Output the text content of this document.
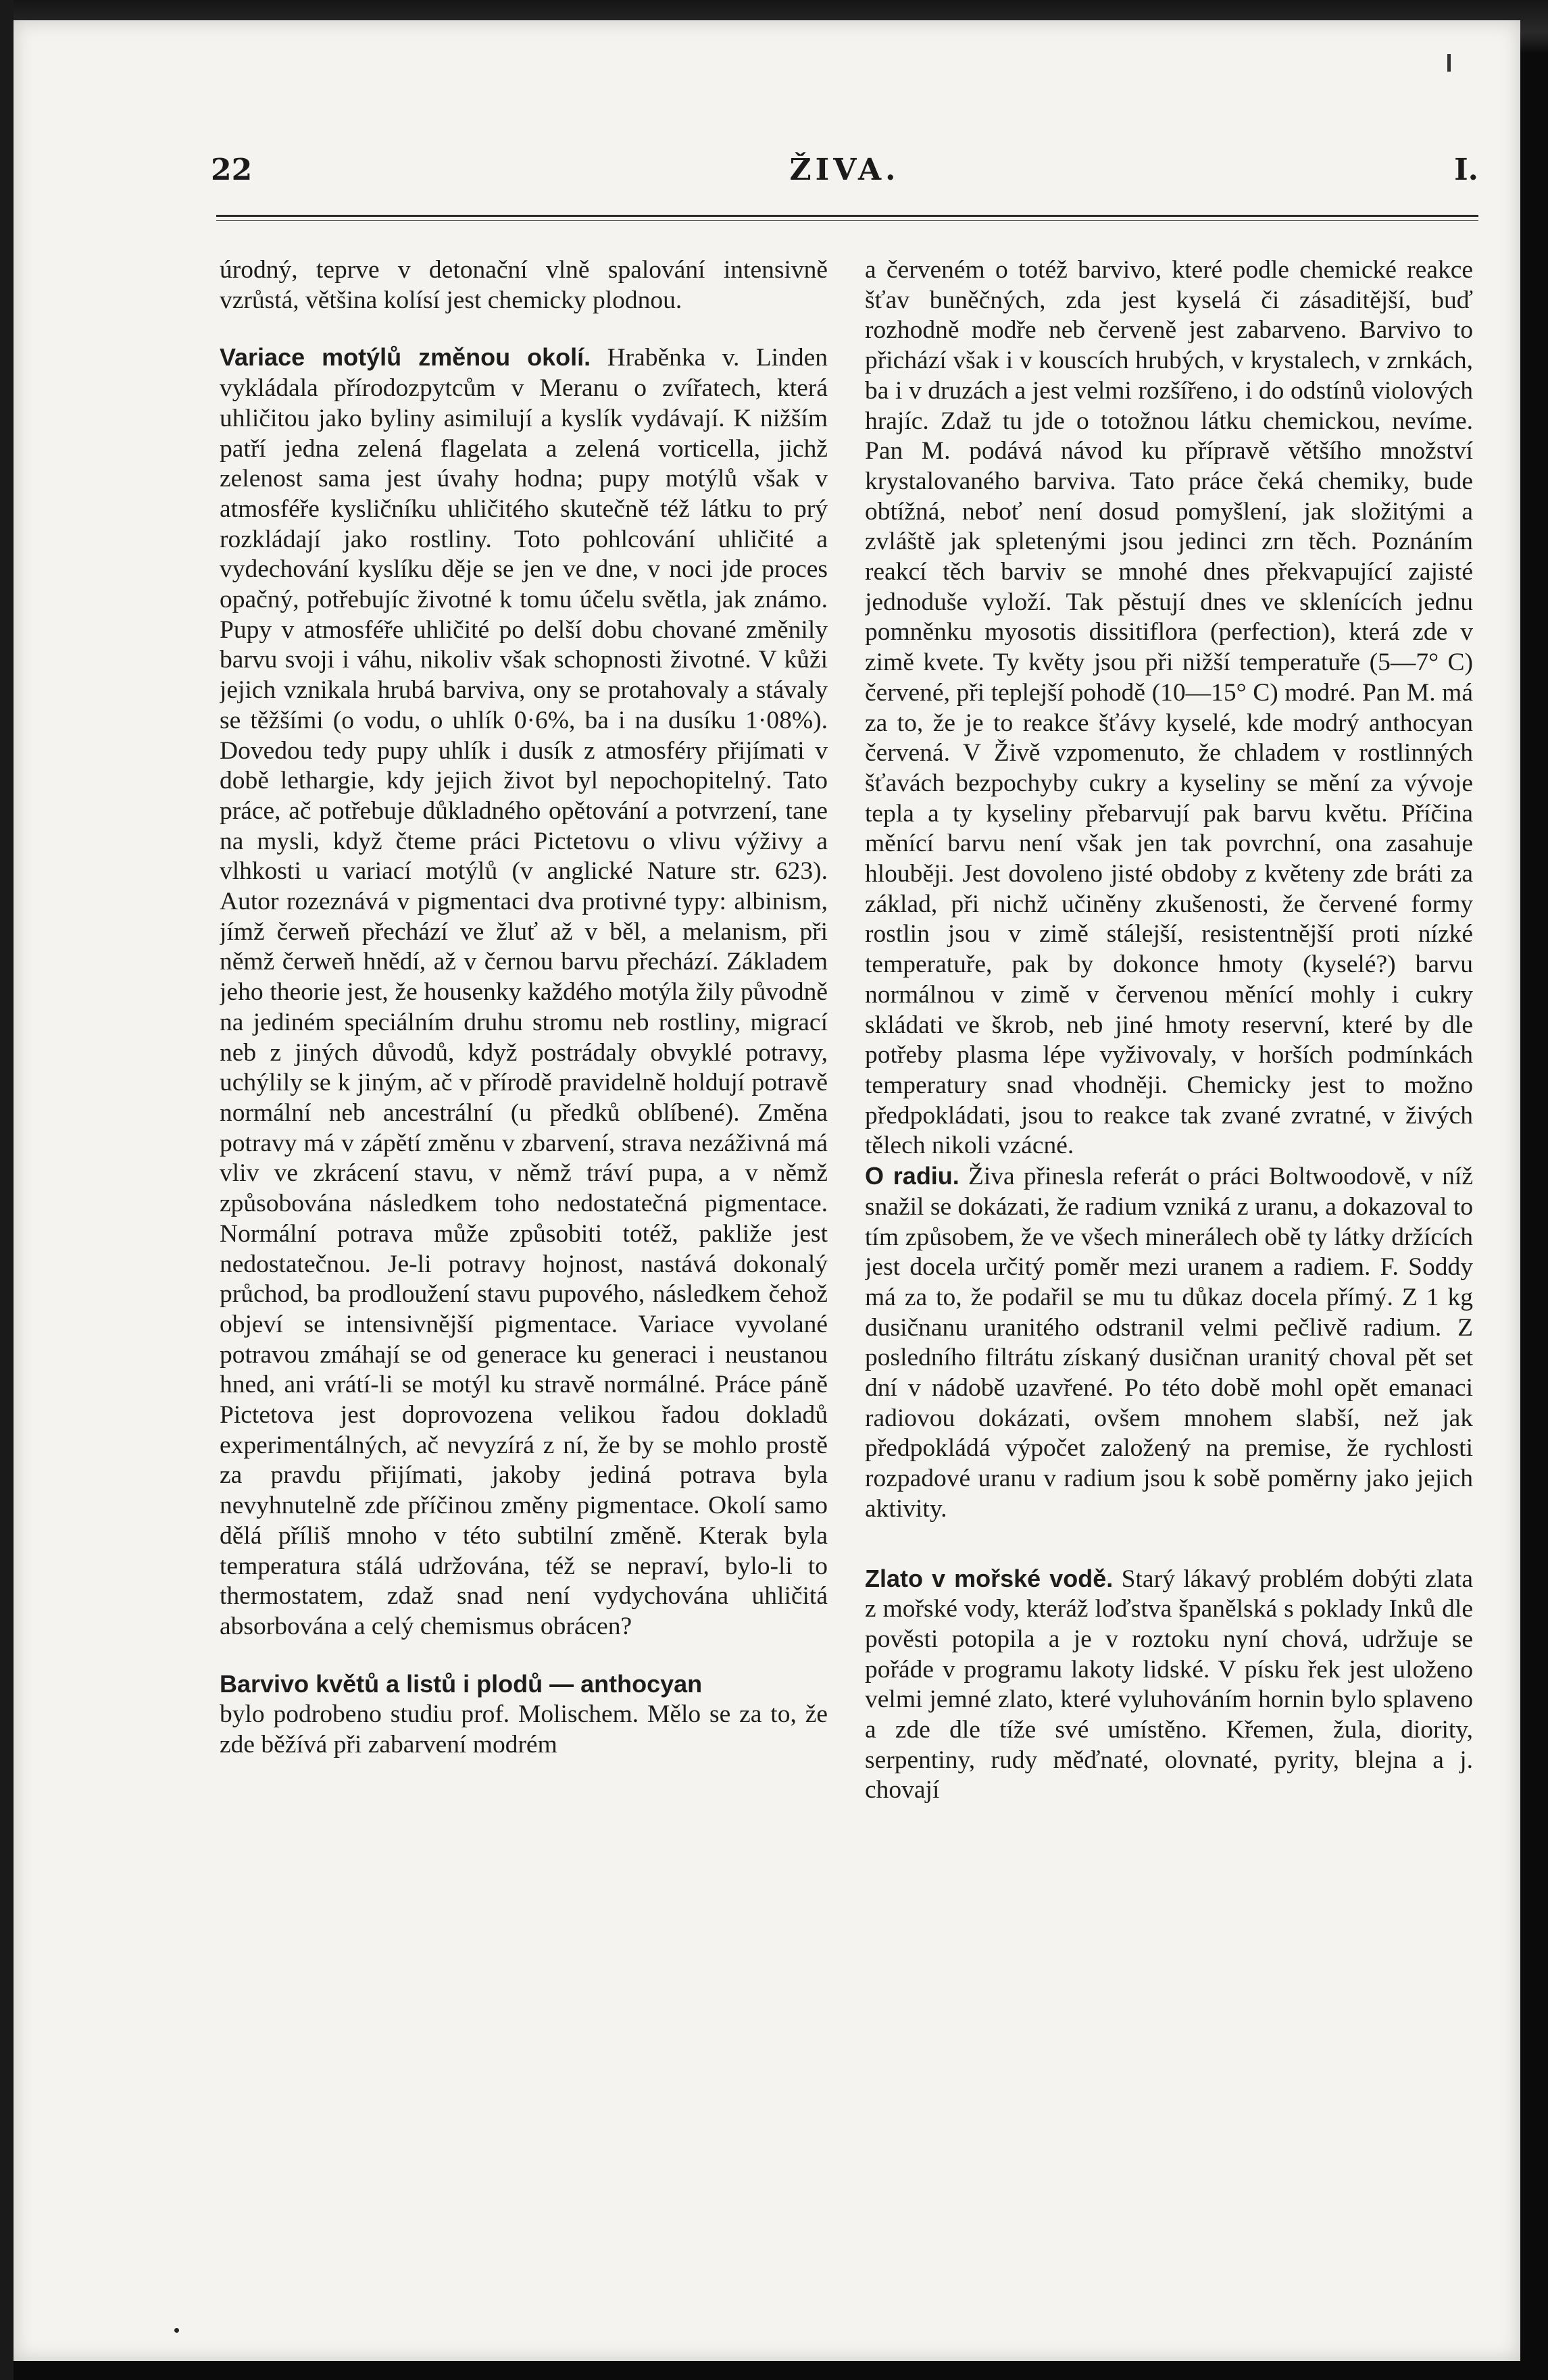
22	ŽIVA.	I.

úrodný, teprve v detonační vlně spalování intensivně vzrůstá, většina kolísí jest chemicky plodnou.

Variace motýlů změnou okolí. Hraběnka v. Linden vykládala přírodozpytcům v Meranu o zvířatech, která uhličitou jako byliny asimilují a kyslík vydávají. K nižším patří jedna zelená flagelata a zelená vorticella, jichž zelenost sama jest úvahy hodna; pupy motýlů však v atmosféře kysličníku uhličitého skutečně též látku to prý rozkládají jako rostliny. Toto pohlcování uhličité a vydechování kyslíku děje se jen ve dne, v noci jde proces opačný, potřebujíc životné k tomu účelu světla, jak známo. Pupy v atmosféře uhličité po delší dobu chované změnily barvu svoji i váhu, nikoliv však schopnosti životné. V kůži jejich vznikala hrubá barviva, ony se protahovaly a stávaly se těžšími (o vodu, o uhlík 0·6%, ba i na dusíku 1·08%). Dovedou tedy pupy uhlík i dusík z atmosféry přijímati v době lethargie, kdy jejich život byl nepochopitelný. Tato práce, ač potřebuje důkladného opětování a potvrzení, tane na mysli, když čteme práci Pictetovu o vlivu výživy a vlhkosti u variací motýlů (v anglické Nature str. 623). Autor rozeznává v pigmentaci dva protivné typy: albinism, jímž čerweň přechází ve žluť až v běl, a melanism, při němž čerweň hnědí, až v černou barvu přechází. Základem jeho theorie jest, že housenky každého motýla žily původně na jediném speciálním druhu stromu neb rostliny, migrací neb z jiných důvodů, když postrádaly obvyklé potravy, uchýlily se k jiným, ač v přírodě pravidelně holdují potravě normální neb ancestrální (u předků oblíbené). Změna potravy má v zápětí změnu v zbarvení, strava nezáživná má vliv ve zkrácení stavu, v němž tráví pupa, a v němž způsobována následkem toho nedostatečná pigmentace. Normální potrava může způsobiti totéž, pakliže jest nedostatečnou. Je-li potravy hojnost, nastává dokonalý průchod, ba prodloužení stavu pupového, následkem čehož objeví se intensivnější pigmentace. Variace vyvolané potravou zmáhají se od generace ku generaci i neustanou hned, ani vrátí-li se motýl ku stravě normálné. Práce páně Pictetova jest doprovozena velikou řadou dokladů experimentálných, ač nevyzírá z ní, že by se mohlo prostě za pravdu přijímati, jakoby jediná potrava byla nevyhnutelně zde příčinou změny pigmentace. Okolí samo dělá příliš mnoho v této subtilní změně. Kterak byla temperatura stálá udržována, též se nepraví, bylo-li to thermostatem, zdaž snad není vydychována uhličitá absorbována a celý chemismus obrácen?

Barvivo květů a listů i plodů — anthocyan
bylo podrobeno studiu prof. Molischem. Mělo se za to, že zde běžívá při zabarvení modrém

a červeném o totéž barvivo, které podle chemické reakce šťav buněčných, zda jest kyselá či zásaditější, buď rozhodně modře neb červeně jest zabarveno. Barvivo to přichází však i v kouscích hrubých, v krystalech, v zrnkách, ba i v druzách a jest velmi rozšířeno, i do odstínů violových hrajíc. Zdaž tu jde o totožnou látku chemickou, nevíme. Pan M. podává návod ku přípravě většího množství krystalovaného barviva. Tato práce čeká chemiky, bude obtížná, neboť není dosud pomyšlení, jak složitými a zvláště jak spletenými jsou jedinci zrn těch. Poznáním reakcí těch barviv se mnohé dnes překvapující zajisté jednoduše vyloží. Tak pěstují dnes ve sklenících jednu pomněnku myosotis dissitiflora (perfection), která zde v zimě kvete. Ty květy jsou při nižší temperatuře (5—7° C) červené, při teplejší pohodě (10—15° C) modré. Pan M. má za to, že je to reakce šťávy kyselé, kde modrý anthocyan červená. V Živě vzpomenuto, že chladem v rostlinných šťavách bezpochyby cukry a kyseliny se mění za vývoje tepla a ty kyseliny přebarvují pak barvu květu. Příčina měnící barvu není však jen tak povrchní, ona zasahuje hlouběji. Jest dovoleno jisté obdoby z květeny zde bráti za základ, při nichž učiněny zkušenosti, že červené formy rostlin jsou v zimě stálejší, resistentnější proti nízké temperatuře, pak by dokonce hmoty (kyselé?) barvu normálnou v zimě v červenou měnící mohly i cukry skládati ve škrob, neb jiné hmoty reservní, které by dle potřeby plasma lépe vyživovaly, v horších podmínkách temperatury snad vhodněji. Chemicky jest to možno předpokládati, jsou to reakce tak zvané zvratné, v živých tělech nikoli vzácné.

O radiu. Živa přinesla referát o práci Boltwoodově, v níž snažil se dokázati, že radium vzniká z uranu, a dokazoval to tím způsobem, že ve všech minerálech obě ty látky držících jest docela určitý poměr mezi uranem a radiem. F. Soddy má za to, že podařil se mu tu důkaz docela přímý. Z 1 kg dusičnanu uranitého odstranil velmi pečlivě radium. Z posledního filtrátu získaný dusičnan uranitý choval pět set dní v nádobě uzavřené. Po této době mohl opět emanaci radiovou dokázati, ovšem mnohem slabší, než jak předpokládá výpočet založený na premise, že rychlosti rozpadové uranu v radium jsou k sobě poměrny jako jejich aktivity.

Zlato v mořské vodě. Starý lákavý problém dobýti zlata z mořské vody, kteráž loďstva španělská s poklady Inků dle pověsti potopila a je v roztoku nyní chová, udržuje se pořáde v programu lakoty lidské. V písku řek jest uloženo velmi jemné zlato, které vyluhováním hornin bylo splaveno a zde dle tíže své umístěno. Křemen, žula, diority, serpentiny, rudy měďnaté, olovnaté, pyrity, blejna a j. chovají
